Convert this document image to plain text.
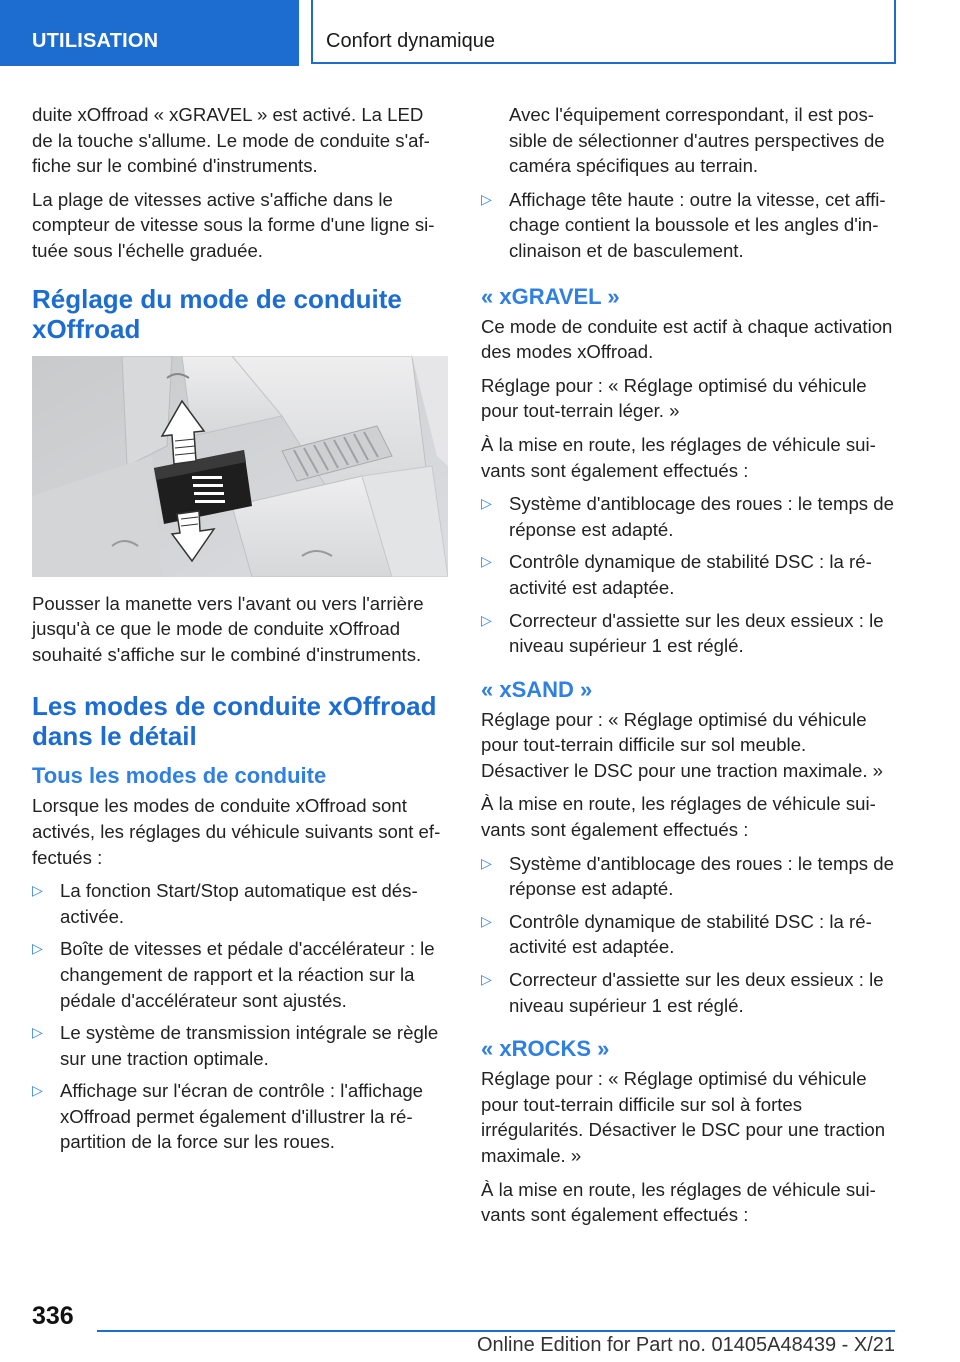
UTILISATION	Confort dynamique

duite xOffroad « xGRAVEL » est activé. La LED de la touche s'allume. Le mode de conduite s'affiche sur le combiné d'instruments.

La plage de vitesses active s'affiche dans le compteur de vitesse sous la forme d'une ligne située sous l'échelle graduée.

Réglage du mode de conduite xOffroad

Pousser la manette vers l'avant ou vers l'arrière jusqu'à ce que le mode de conduite xOffroad souhaité s'affiche sur le combiné d'instruments.

Les modes de conduite xOffroad dans le détail
Tous les modes de conduite

Lorsque les modes de conduite xOffroad sont activés, les réglages du véhicule suivants sont effectués :

▷ La fonction Start/Stop automatique est désactivée.
▷ Boîte de vitesses et pédale d'accélérateur : le changement de rapport et la réaction sur la pédale d'accélérateur sont ajustés.
▷ Le système de transmission intégrale se règle sur une traction optimale.
▷ Affichage sur l'écran de contrôle : l'affichage xOffroad permet également d'illustrer la répartition de la force sur les roues.

Avec l'équipement correspondant, il est possible de sélectionner d'autres perspectives de caméra spécifiques au terrain.

▷ Affichage tête haute : outre la vitesse, cet affichage contient la boussole et les angles d'inclinaison et de basculement.
« xGRAVEL »

Ce mode de conduite est actif à chaque activation des modes xOffroad.

Réglage pour : « Réglage optimisé du véhicule pour tout-terrain léger. »

À la mise en route, les réglages de véhicule suivants sont également effectués :

▷ Système d'antiblocage des roues : le temps de réponse est adapté.
▷ Contrôle dynamique de stabilité DSC : la réactivité est adaptée.
▷ Correcteur d'assiette sur les deux essieux : le niveau supérieur 1 est réglé.
« xSAND »

Réglage pour : « Réglage optimisé du véhicule pour tout-terrain difficile sur sol meuble. Désactiver le DSC pour une traction maximale. »

À la mise en route, les réglages de véhicule suivants sont également effectués :

▷ Système d'antiblocage des roues : le temps de réponse est adapté.
▷ Contrôle dynamique de stabilité DSC : la réactivité est adaptée.
▷ Correcteur d'assiette sur les deux essieux : le niveau supérieur 1 est réglé.
« xROCKS »

Réglage pour : « Réglage optimisé du véhicule pour tout-terrain difficile sur sol à fortes irrégularités. Désactiver le DSC pour une traction maximale. »

À la mise en route, les réglages de véhicule suivants sont également effectués :

336
Online Edition for Part no. 01405A48439 - X/21
